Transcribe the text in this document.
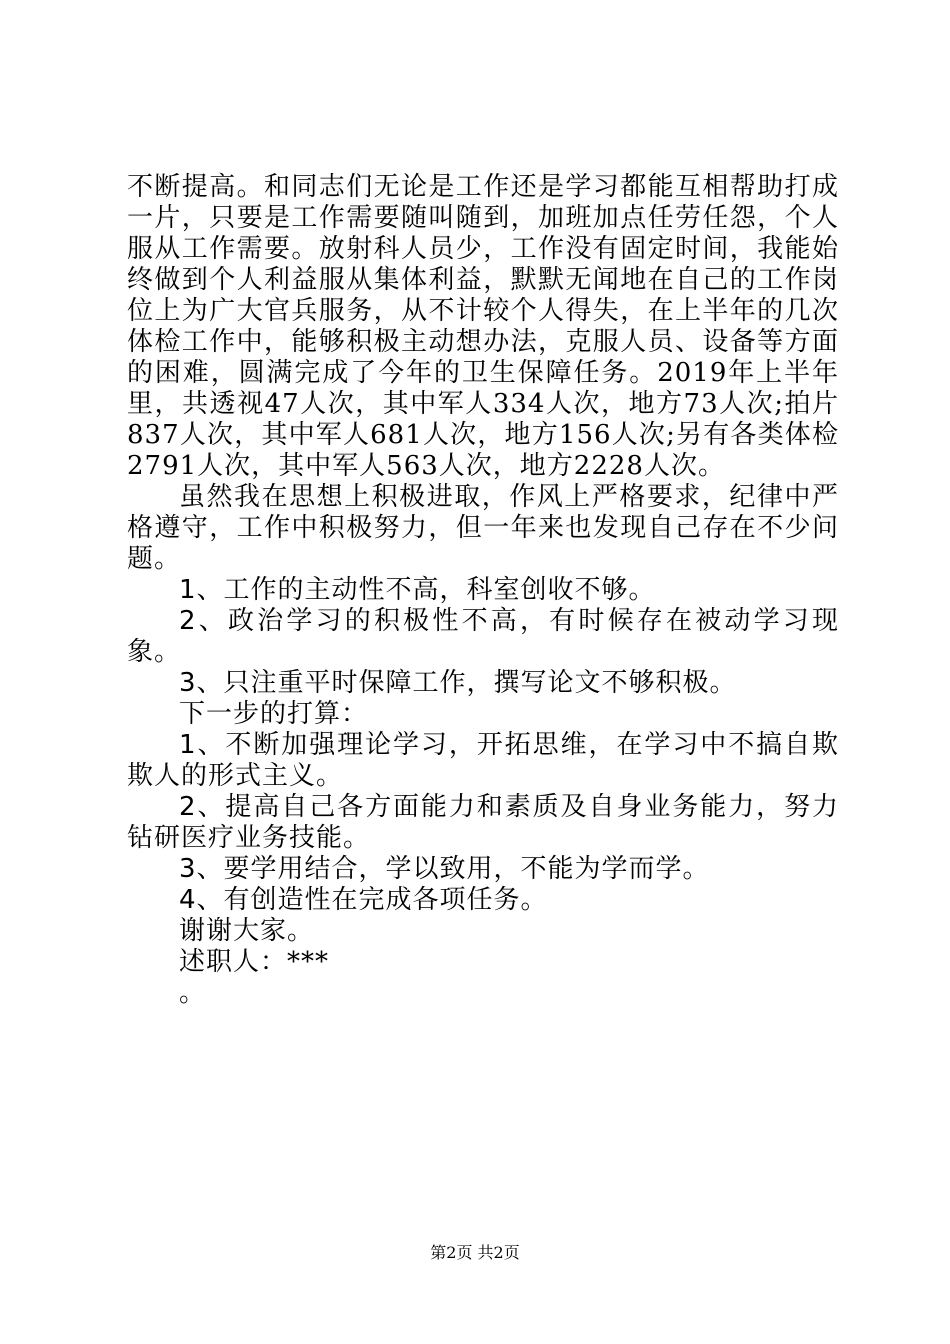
不断提高。和同志们无论是工作还是学习都能互相帮助打成一片，只要是工作需要随叫随到，加班加点任劳任怨，个人服从工作需要。放射科人员少，工作没有固定时间，我能始终做到个人利益服从集体利益，默默无闻地在自己的工作岗位上为广大官兵服务，从不计较个人得失，在上半年的几次体检工作中，能够积极主动想办法，克服人员、设备等方面的困难，圆满完成了今年的卫生保障任务。2019年上半年里，共透视47人次，其中军人334人次，地方73人次;拍片837人次，其中军人681人次，地方156人次;另有各类体检2791人次，其中军人563人次，地方2228人次。

虽然我在思想上积极进取，作风上严格要求，纪律中严格遵守，工作中积极努力，但一年来也发现自己存在不少问题。

1、工作的主动性不高，科室创收不够。

2、政治学习的积极性不高，有时候存在被动学习现象。

3、只注重平时保障工作，撰写论文不够积极。

下一步的打算：

1、不断加强理论学习，开拓思维，在学习中不搞自欺欺人的形式主义。

2、提高自己各方面能力和素质及自身业务能力，努力钻研医疗业务技能。

3、要学用结合，学以致用，不能为学而学。

4、有创造性在完成各项任务。

谢谢大家。

述职人：***

。

第2页 共2页
